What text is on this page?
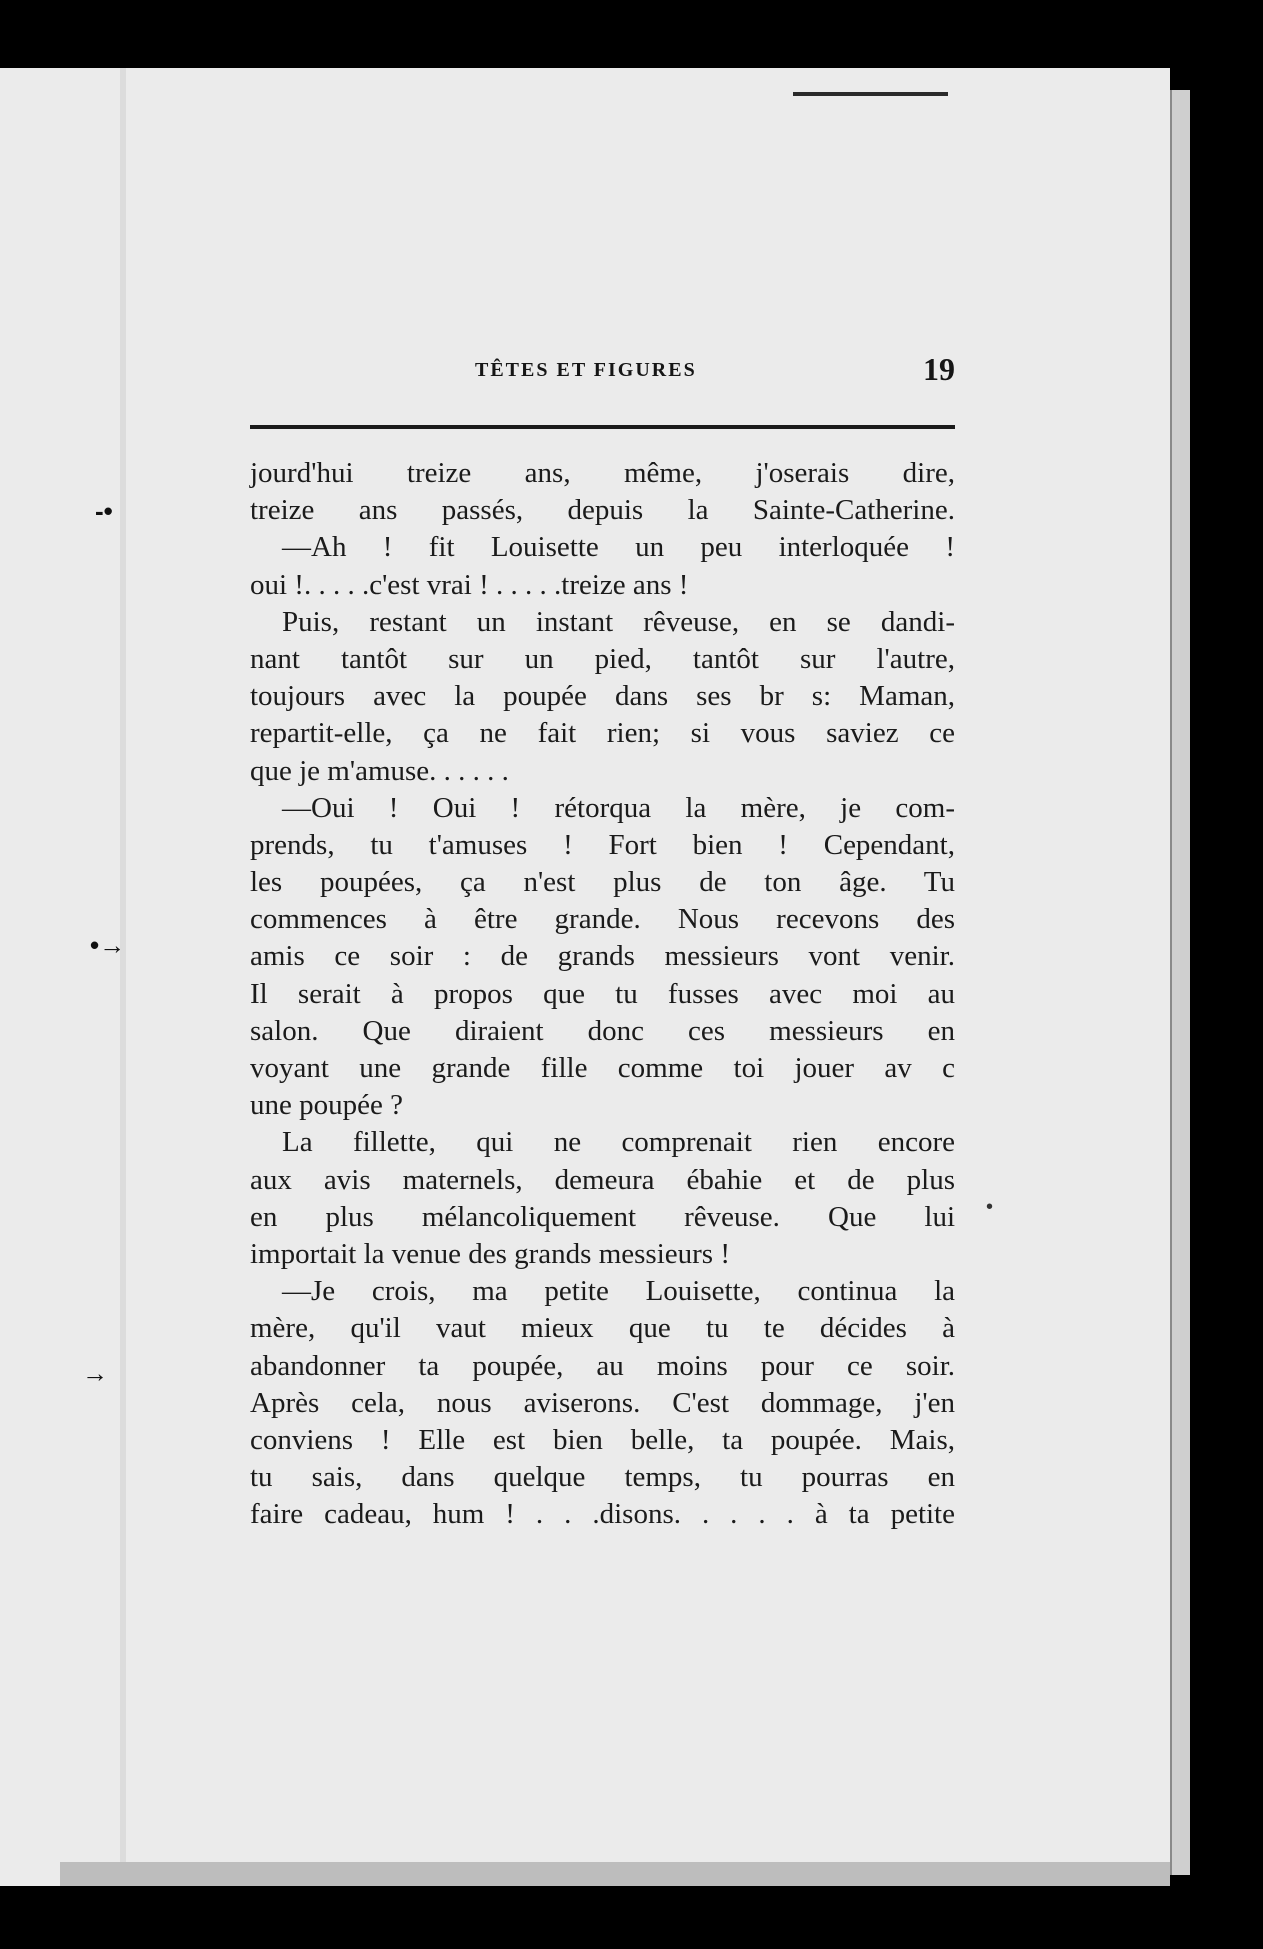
TÊTES ET FIGURES	19
jourd'hui treize ans, même, j'oserais dire,
treize ans passés, depuis la Sainte-Catherine.
—Ah ! fit Louisette un peu interloquée !
oui !. . . . .c'est vrai ! . . . . .treize ans !
Puis, restant un instant rêveuse, en se dandi-
nant tantôt sur un pied, tantôt sur l'autre,
toujours avec la poupée dans ses br s: Maman,
repartit-elle, ça ne fait rien; si vous saviez ce
que je m'amuse. . . . . .
—Oui ! Oui ! rétorqua la mère, je com-
prends, tu t'amuses ! Fort bien ! Cependant,
les poupées, ça n'est plus de ton âge. Tu
commences à être grande. Nous recevons des
amis ce soir : de grands messieurs vont venir.
Il serait à propos que tu fusses avec moi au
salon. Que diraient donc ces messieurs en
voyant une grande fille comme toi jouer av c
une poupée ?
La fillette, qui ne comprenait rien encore
aux avis maternels, demeura ébahie et de plus
en plus mélancoliquement rêveuse. Que lui
importait la venue des grands messieurs !
—Je crois, ma petite Louisette, continua la
mère, qu'il vaut mieux que tu te décides à
abandonner ta poupée, au moins pour ce soir.
Après cela, nous aviserons. C'est dommage, j'en
conviens ! Elle est bien belle, ta poupée. Mais,
tu sais, dans quelque temps, tu pourras en
faire cadeau, hum ! . . .disons. . . . . à ta petite
-•
•→
→
•
